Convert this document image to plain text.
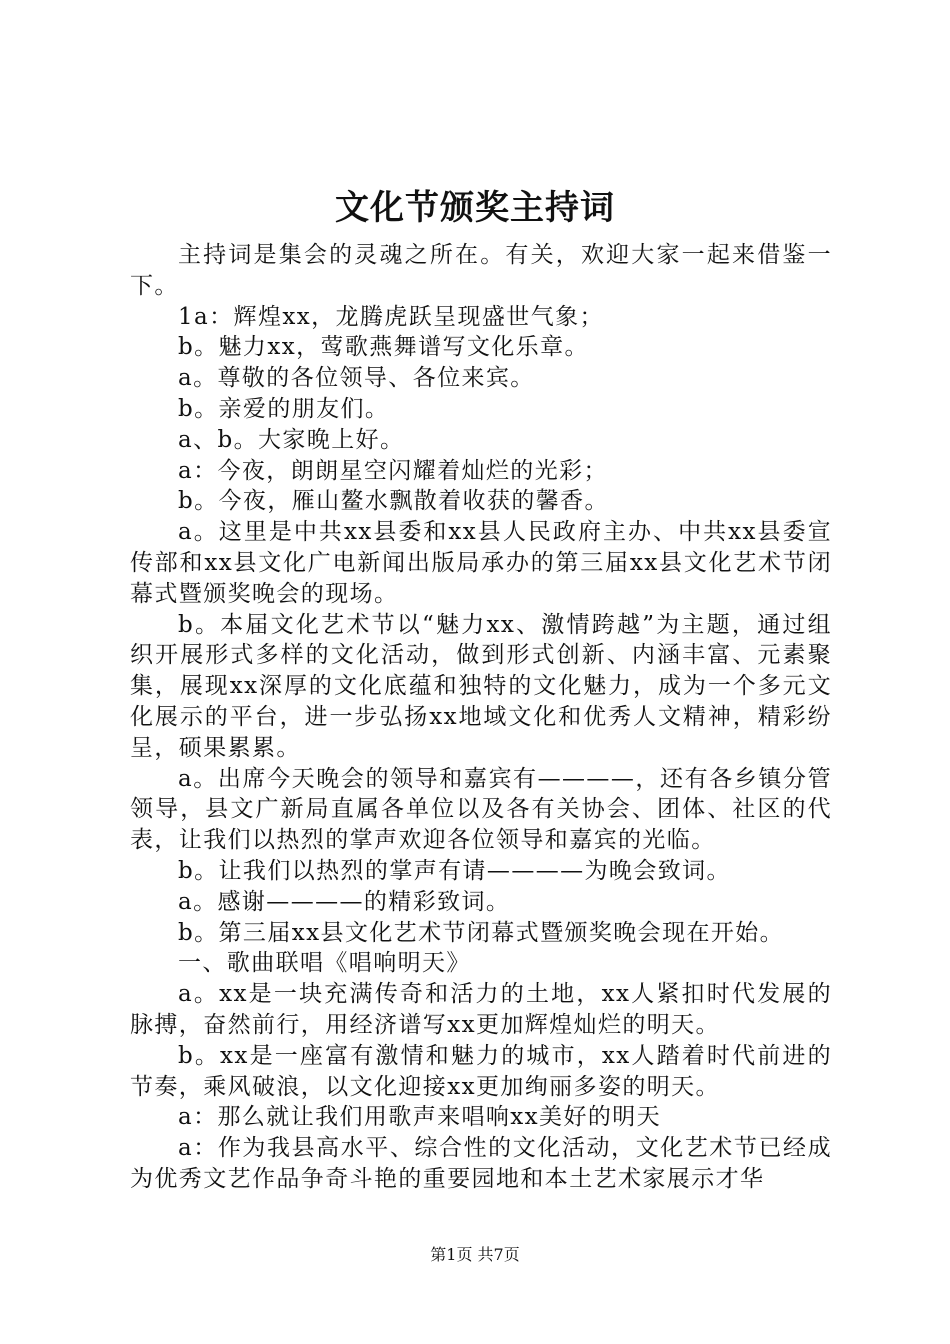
文化节颁奖主持词

主持词是集会的灵魂之所在。有关，欢迎大家一起来借鉴一下。

1a：辉煌xx，龙腾虎跃呈现盛世气象；

b。魅力xx，莺歌燕舞谱写文化乐章。

a。尊敬的各位领导、各位来宾。

b。亲爱的朋友们。

a、b。大家晚上好。

a：今夜，朗朗星空闪耀着灿烂的光彩；

b。今夜，雁山鳌水飘散着收获的馨香。

a。这里是中共xx县委和xx县人民政府主办、中共xx县委宣传部和xx县文化广电新闻出版局承办的第三届xx县文化艺术节闭幕式暨颁奖晚会的现场。

b。本届文化艺术节以“魅力xx、激情跨越”为主题，通过组织开展形式多样的文化活动，做到形式创新、内涵丰富、元素聚集，展现xx深厚的文化底蕴和独特的文化魅力，成为一个多元文化展示的平台，进一步弘扬xx地域文化和优秀人文精神，精彩纷呈，硕果累累。

a。出席今天晚会的领导和嘉宾有————，还有各乡镇分管领导，县文广新局直属各单位以及各有关协会、团体、社区的代表，让我们以热烈的掌声欢迎各位领导和嘉宾的光临。

b。让我们以热烈的掌声有请————为晚会致词。

a。感谢————的精彩致词。

b。第三届xx县文化艺术节闭幕式暨颁奖晚会现在开始。

一、歌曲联唱《唱响明天》

a。xx是一块充满传奇和活力的土地，xx人紧扣时代发展的脉搏，奋然前行，用经济谱写xx更加辉煌灿烂的明天。

b。xx是一座富有激情和魅力的城市，xx人踏着时代前进的节奏，乘风破浪，以文化迎接xx更加绚丽多姿的明天。

a：那么就让我们用歌声来唱响xx美好的明天

a：作为我县高水平、综合性的文化活动，文化艺术节已经成为优秀文艺作品争奇斗艳的重要园地和本土艺术家展示才华

第1页 共7页
